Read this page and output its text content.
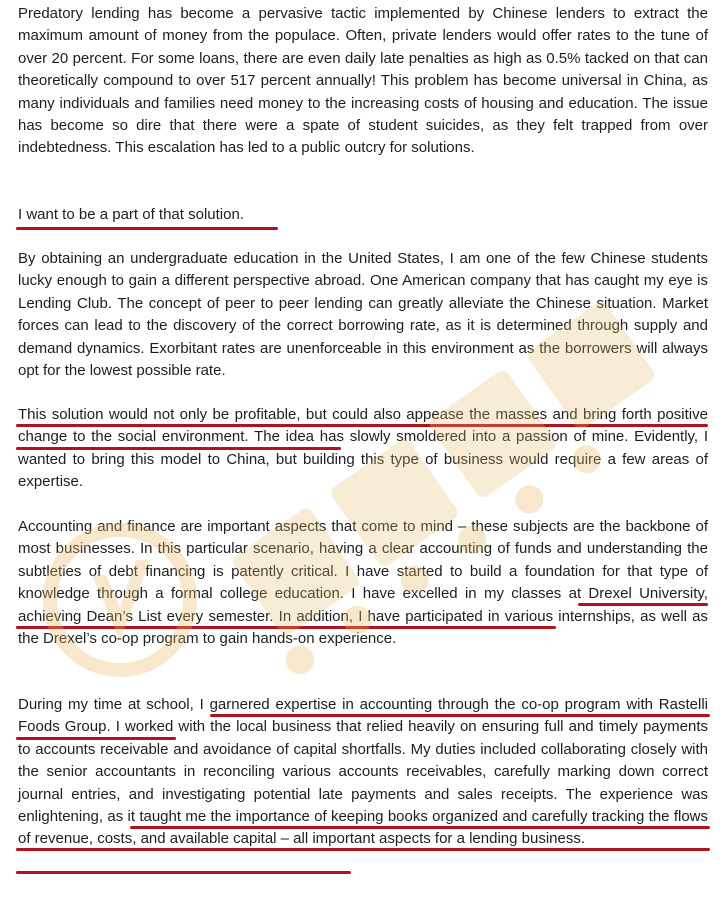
Predatory lending has become a pervasive tactic implemented by Chinese lenders to extract the maximum amount of money from the populace. Often, private lenders would offer rates to the tune of over 20 percent. For some loans, there are even daily late penalties as high as 0.5% tacked on that can theoretically compound to over 517 percent annually! This problem has become universal in China, as many individuals and families need money to the increasing costs of housing and education. The issue has become so dire that there were a spate of student suicides, as they felt trapped from over indebtedness. This escalation has led to a public outcry for solutions.

I want to be a part of that solution.

By obtaining an undergraduate education in the United States, I am one of the few Chinese students lucky enough to gain a different perspective abroad. One American company that has caught my eye is Lending Club. The concept of peer to peer lending can greatly alleviate the Chinese situation. Market forces can lead to the discovery of the correct borrowing rate, as it is determined through supply and demand dynamics. Exorbitant rates are unenforceable in this environment as the borrowers will always opt for the lowest possible rate.

This solution would not only be profitable, but could also appease the masses and bring forth positive change to the social environment. The idea has slowly smoldered into a passion of mine. Evidently, I wanted to bring this model to China, but building this type of business would require a few areas of expertise.

Accounting and finance are important aspects that come to mind – these subjects are the backbone of most businesses. In this particular scenario, having a clear accounting of funds and understanding the subtleties of debt financing is patently critical. I have started to build a foundation for that type of knowledge through a formal college education. I have excelled in my classes at Drexel University, achieving Dean’s List every semester. In addition, I have participated in various internships, as well as the Drexel’s co-op program to gain hands-on experience.

During my time at school, I garnered expertise in accounting through the co-op program with Rastelli Foods Group. I worked with the local business that relied heavily on ensuring full and timely payments to accounts receivable and avoidance of capital shortfalls. My duties included collaborating closely with the senior accountants in reconciling various accounts receivables, carefully marking down correct journal entries, and investigating potential late payments and sales receipts. The experience was enlightening, as it taught me the importance of keeping books organized and carefully tracking the flows of revenue, costs, and available capital – all important aspects for a lending business.
